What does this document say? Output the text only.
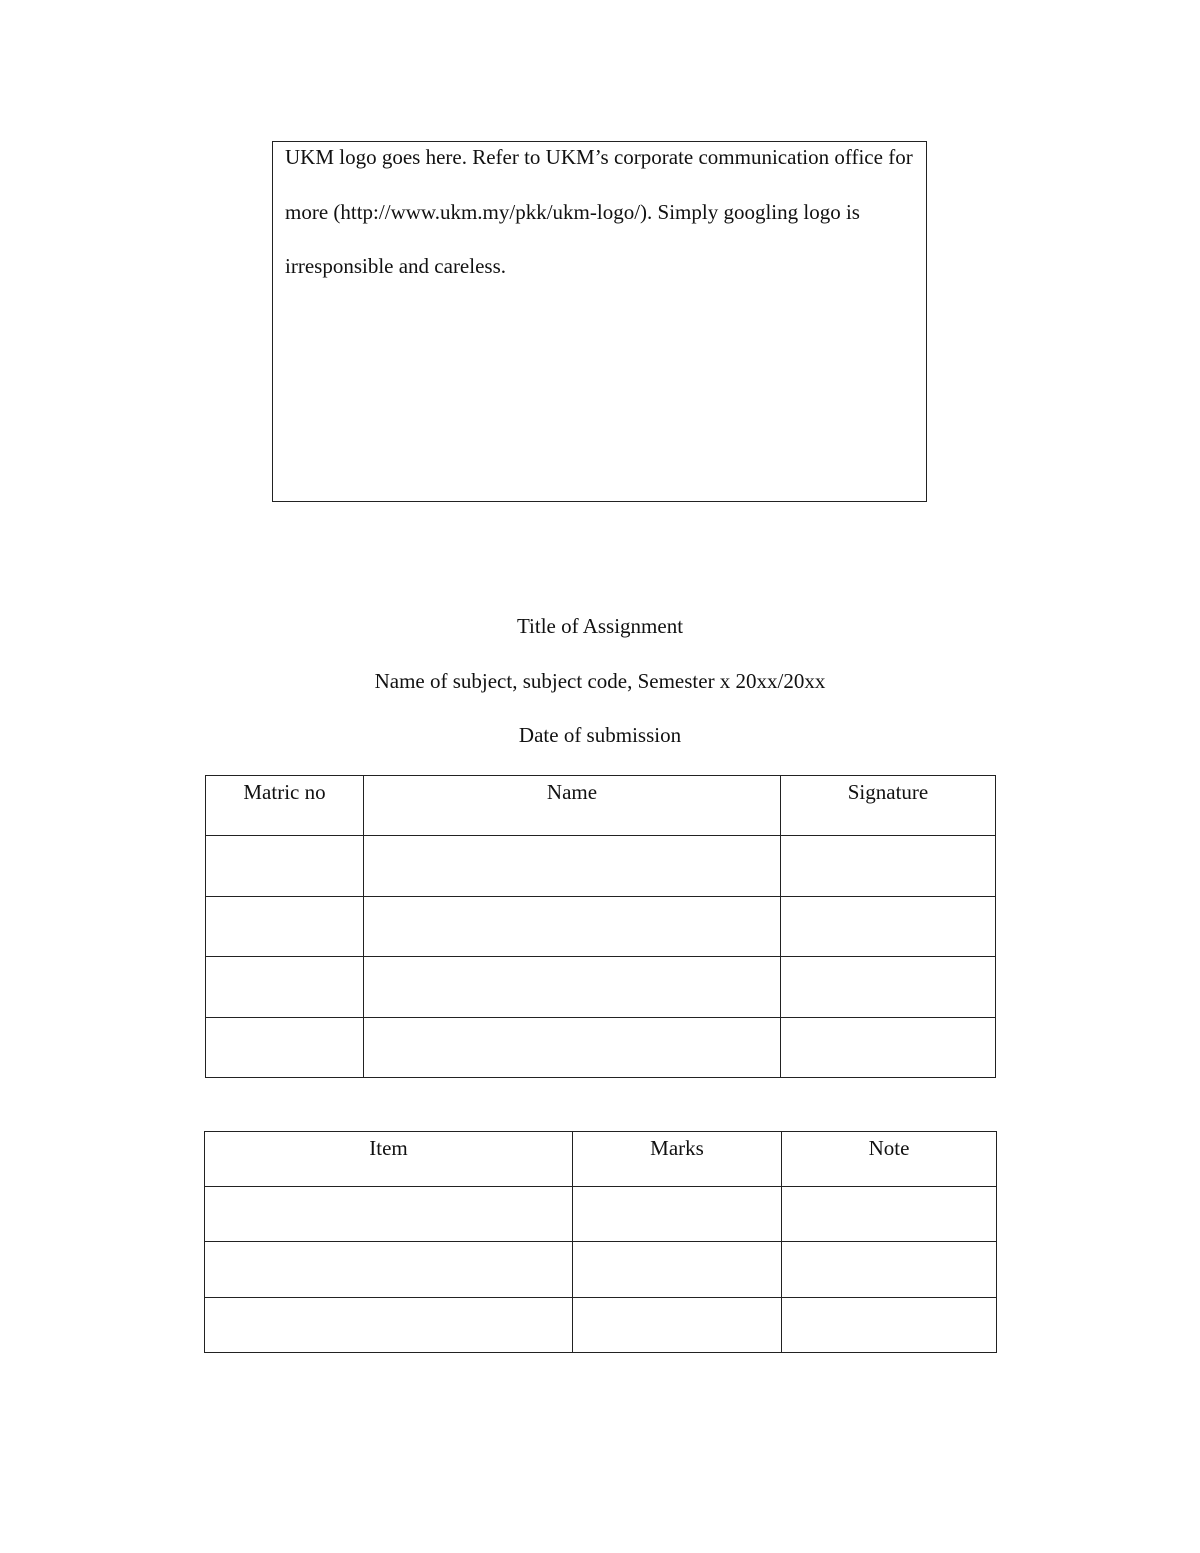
UKM logo goes here. Refer to UKM’s corporate communication office for more (http://www.ukm.my/pkk/ukm-logo/). Simply googling logo is irresponsible and careless.

Title of Assignment

Name of subject, subject code, Semester x 20xx/20xx

Date of submission

Matric no	Name	Signature

Item	Marks	Note
